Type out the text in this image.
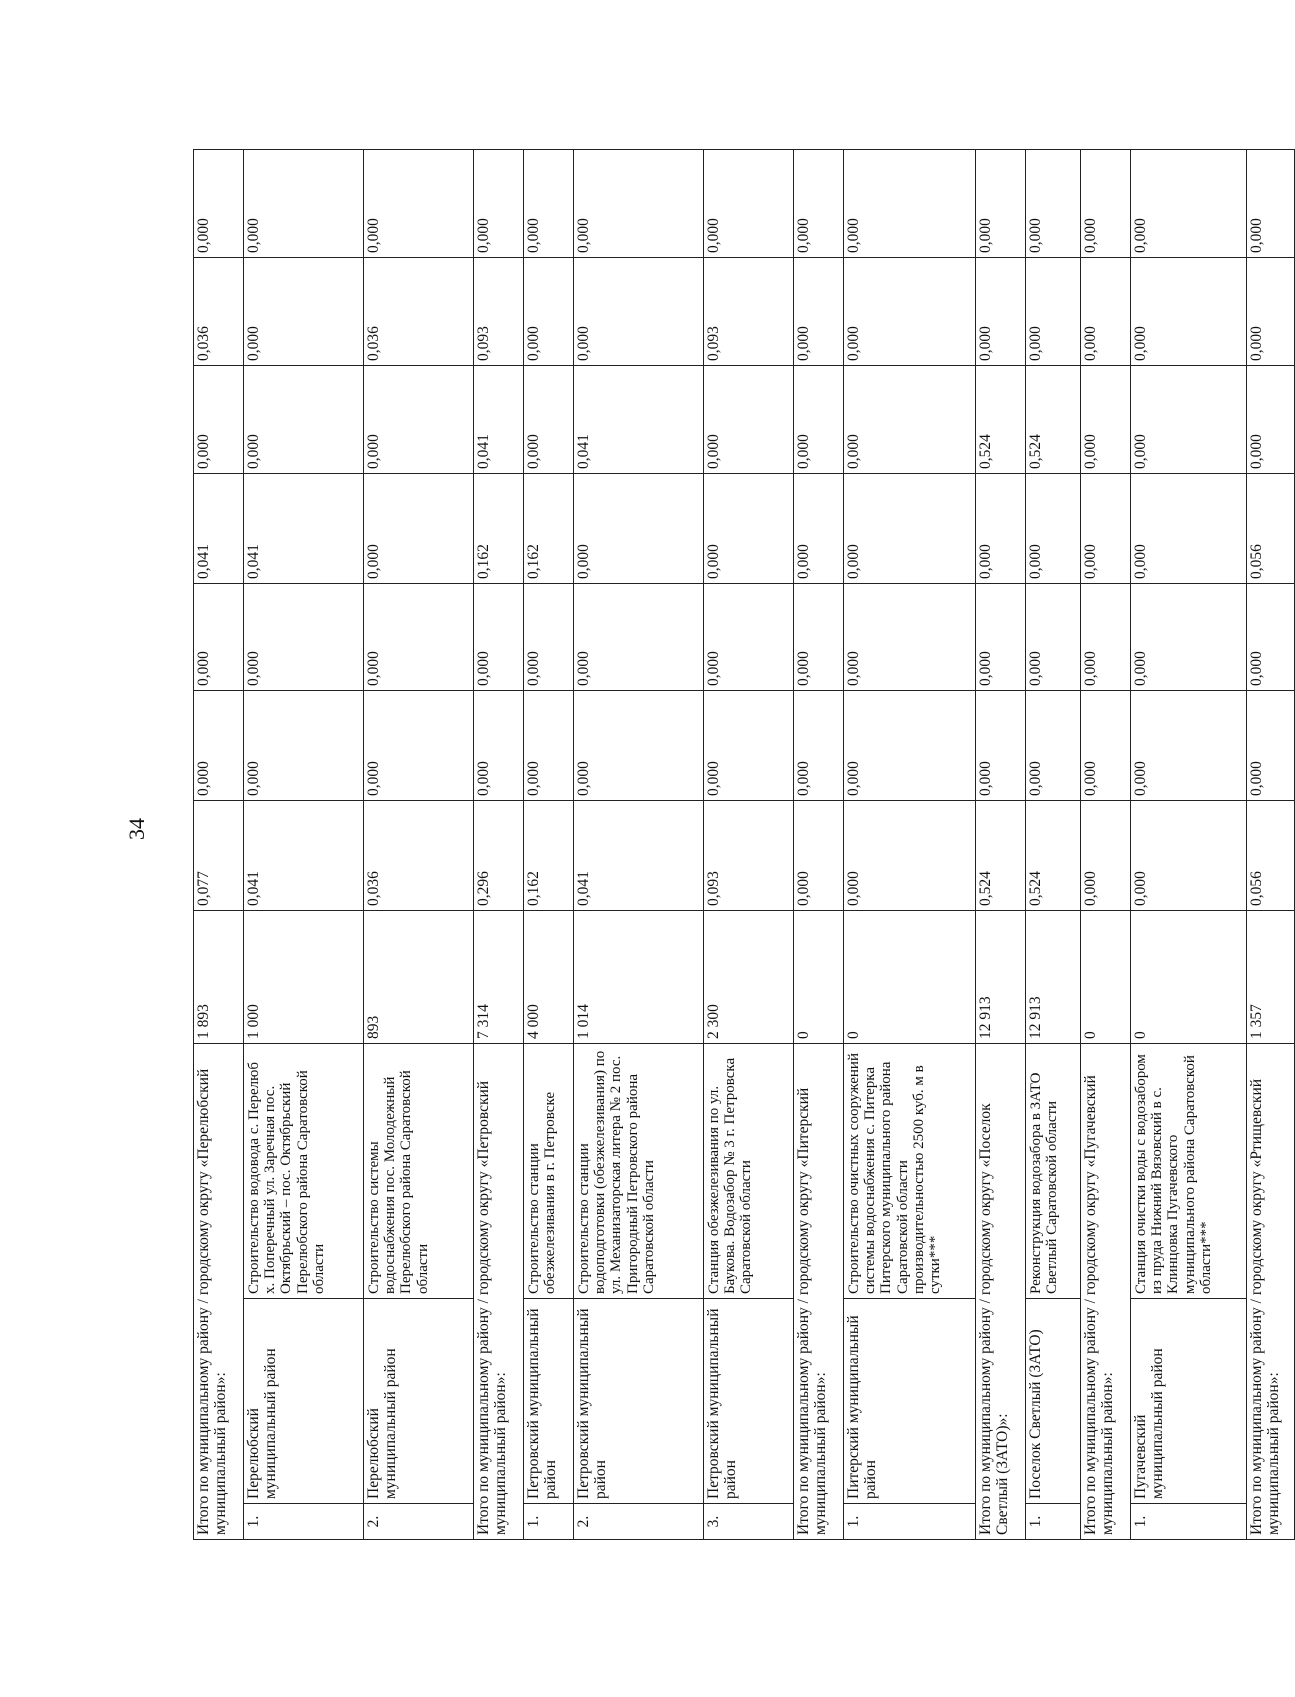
34
Итого по муниципальному району / городскому округу «Перелюбский муниципальный район»:			1 893	0,077	0,000	0,000	0,041	0,000	0,036	0,000
1.	Перелюбский муниципальный район	Строительство водовода с. Перелюб х. Поперечный ул. Заречная пос. Октябрьский – пос. Октябрьский Перелюбского района Саратовской области	1 000	0,041	0,000	0,000	0,041	0,000	0,000	0,000
2.	Перелюбский муниципальный район	Строительство системы водоснабжения пос. Молодежный Перелюбского района Саратовской области	893	0,036	0,000	0,000	0,000	0,000	0,036	0,000
Итого по муниципальному району / городскому округу «Петровский муниципальный район»:			7 314	0,296	0,000	0,000	0,162	0,041	0,093	0,000
1.	Петровский муниципальный район	Строительство станции обезжелезивания в г. Петровске	4 000	0,162	0,000	0,000	0,162	0,000	0,000	0,000
2.	Петровский муниципальный район	Строительство станции водоподготовки (обезжелезивания) по ул. Механизаторская литера № 2 пос. Пригородный Петровского района Саратовской области	1 014	0,041	0,000	0,000	0,000	0,041	0,000	0,000
3.	Петровский муниципальный район	Станция обезжелезивания по ул. Баукова. Водозабор № 3 г. Петровска Саратовской области	2 300	0,093	0,000	0,000	0,000	0,000	0,093	0,000
Итого по муниципальному району / городскому округу «Питерский муниципальный район»:			0	0,000	0,000	0,000	0,000	0,000	0,000	0,000
1.	Питерский муниципальный район	Строительство очистных сооружений системы водоснабжения с. Питерка Питерского муниципального района Саратовской области производительностью 2500 куб. м в сутки***	0	0,000	0,000	0,000	0,000	0,000	0,000	0,000
Итого по муниципальному району / городскому округу «Поселок Светлый (ЗАТО)»:			12 913	0,524	0,000	0,000	0,000	0,524	0,000	0,000
1.	Поселок Светлый (ЗАТО)	Реконструкция водозабора в ЗАТО Светлый Саратовской области	12 913	0,524	0,000	0,000	0,000	0,524	0,000	0,000
Итого по муниципальному району / городскому округу «Пугачевский муниципальный район»:			0	0,000	0,000	0,000	0,000	0,000	0,000	0,000
1.	Пугачевский муниципальный район	Станция очистки воды с водозабором из пруда Нижний Вязовский в с. Клинцовка Пугачевского муниципального района Саратовской области***	0	0,000	0,000	0,000	0,000	0,000	0,000	0,000
Итого по муниципальному району / городскому округу «Ртищевский муниципальный район»:			1 357	0,056	0,000	0,000	0,056	0,000	0,000	0,000
